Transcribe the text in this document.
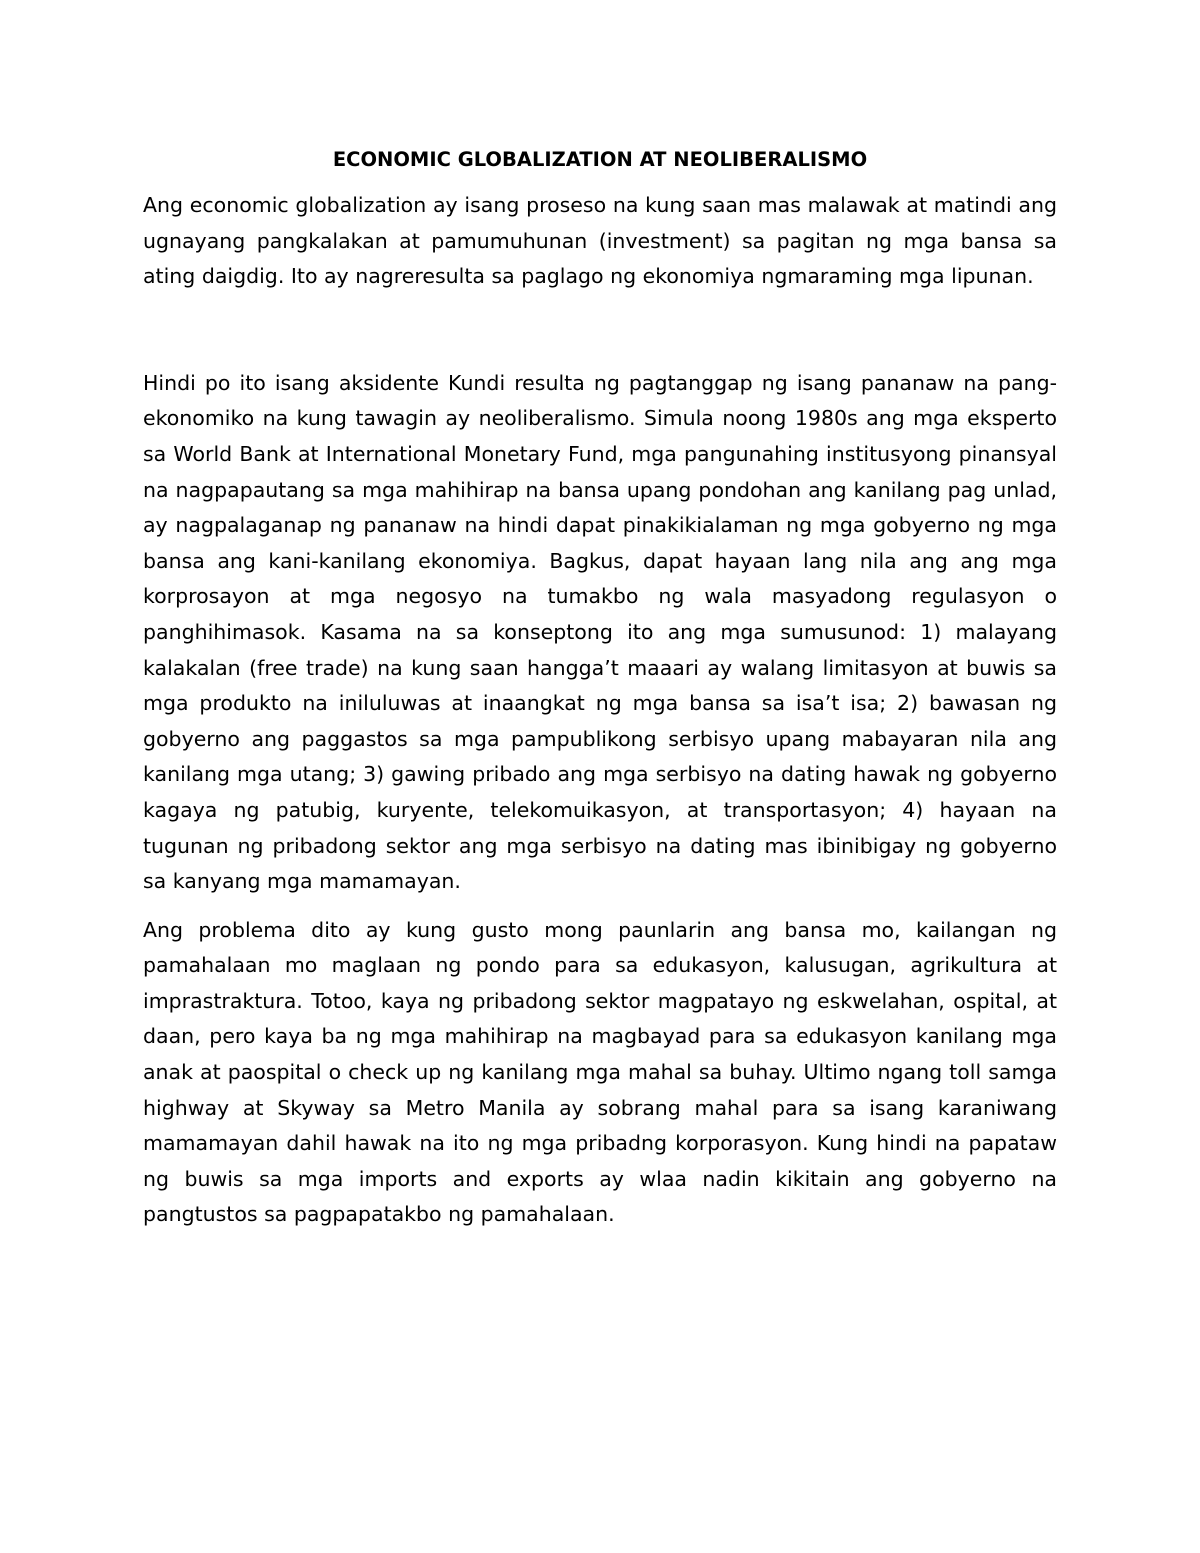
ECONOMIC GLOBALIZATION AT NEOLIBERALISMO

Ang economic globalization ay isang proseso na kung saan mas malawak at matindi ang ugnayang pangkalakan at pamumuhunan (investment) sa pagitan ng mga bansa sa ating daigdig. Ito ay nagreresulta sa paglago ng ekonomiya ngmaraming mga lipunan.

Hindi po ito isang aksidente Kundi resulta ng pagtanggap ng isang pananaw na pang-ekonomiko na kung tawagin ay neoliberalismo. Simula noong 1980s ang mga eksperto sa World Bank at International Monetary Fund, mga pangunahing institusyong pinansyal na nagpapautang sa mga mahihirap na bansa upang pondohan ang kanilang pag unlad, ay nagpalaganap ng pananaw na hindi dapat pinakikialaman ng mga gobyerno ng mga bansa ang kani-kanilang ekonomiya. Bagkus, dapat hayaan lang nila ang ang mga korprosayon at mga negosyo na tumakbo ng wala masyadong regulasyon o panghihimasok. Kasama na sa konseptong ito ang mga sumusunod: 1) malayang kalakalan (free trade) na kung saan hangga’t maaari ay walang limitasyon at buwis sa mga produkto na iniluluwas at inaangkat ng mga bansa sa isa’t isa; 2) bawasan ng gobyerno ang paggastos sa mga pampublikong serbisyo upang mabayaran nila ang kanilang mga utang; 3) gawing pribado ang mga serbisyo na dating hawak ng gobyerno kagaya ng patubig, kuryente, telekomuikasyon, at transportasyon; 4) hayaan na tugunan ng pribadong sektor ang mga serbisyo na dating mas ibinibigay ng gobyerno sa kanyang mga mamamayan.

Ang problema dito ay kung gusto mong paunlarin ang bansa mo, kailangan ng pamahalaan mo maglaan ng pondo para sa edukasyon, kalusugan, agrikultura at imprastraktura. Totoo, kaya ng pribadong sektor magpatayo ng eskwelahan, ospital, at daan, pero kaya ba ng mga mahihirap na magbayad para sa edukasyon kanilang mga anak at paospital o check up ng kanilang mga mahal sa buhay. Ultimo ngang toll samga highway at Skyway sa Metro Manila ay sobrang mahal para sa isang karaniwang mamamayan dahil hawak na ito ng mga pribadng korporasyon. Kung hindi na papataw ng buwis sa mga imports and exports ay wlaa nadin kikitain ang gobyerno na pangtustos sa pagpapatakbo ng pamahalaan.
